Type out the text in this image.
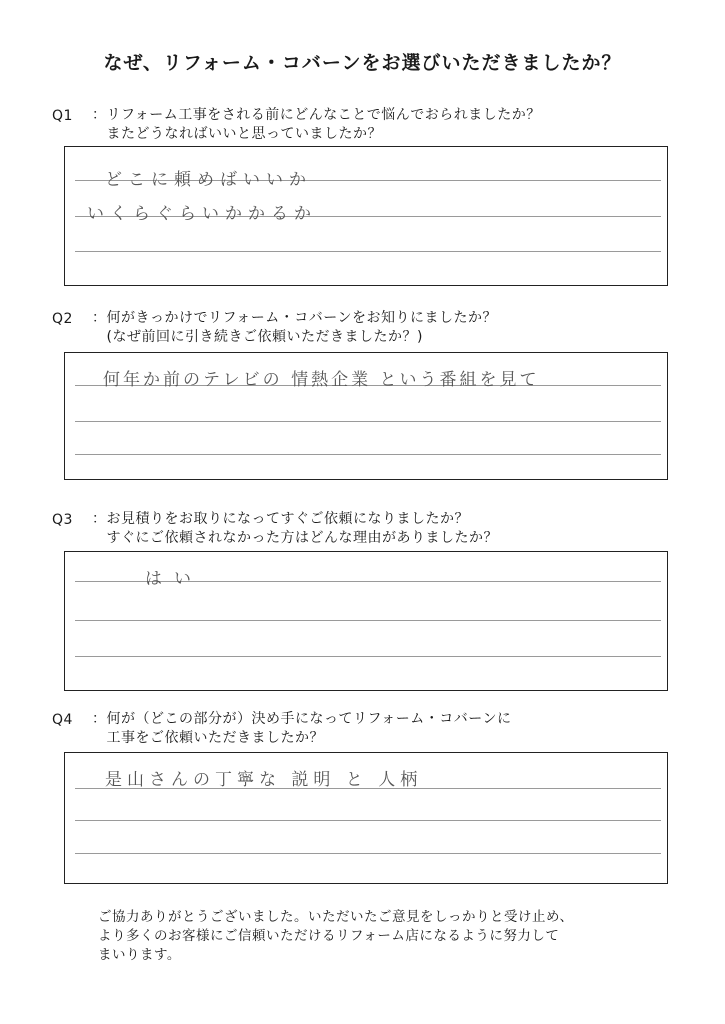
なぜ、リフォーム・コバーンをお選びいただきましたか？
Q1 ：リフォーム工事をされる前にどんなことで悩んでおられましたか？
　またどうなればいいと思っていましたか？
どこに頼めばいいか
いくらぐらいかかるか
Q2 ：何がきっかけでリフォーム・コバーンをお知りにましたか？
　(なぜ前回に引き続きご依頼いただきましたか？)
何年か前のテレビの 情熱企業 という番組を見て
Q3 ：お見積りをお取りになってすぐご依頼になりましたか？
　すぐにご依頼されなかった方はどんな理由がありましたか？
はい
Q4 ：何が（どこの部分が）決め手になってリフォーム・コバーンに
　工事をご依頼いただきましたか？
是山さんの丁寧な 説明 と 人柄
ご協力ありがとうございました。いただいたご意見をしっかりと受け止め、
より多くのお客様にご信頼いただけるリフォーム店になるように努力して
まいります。
